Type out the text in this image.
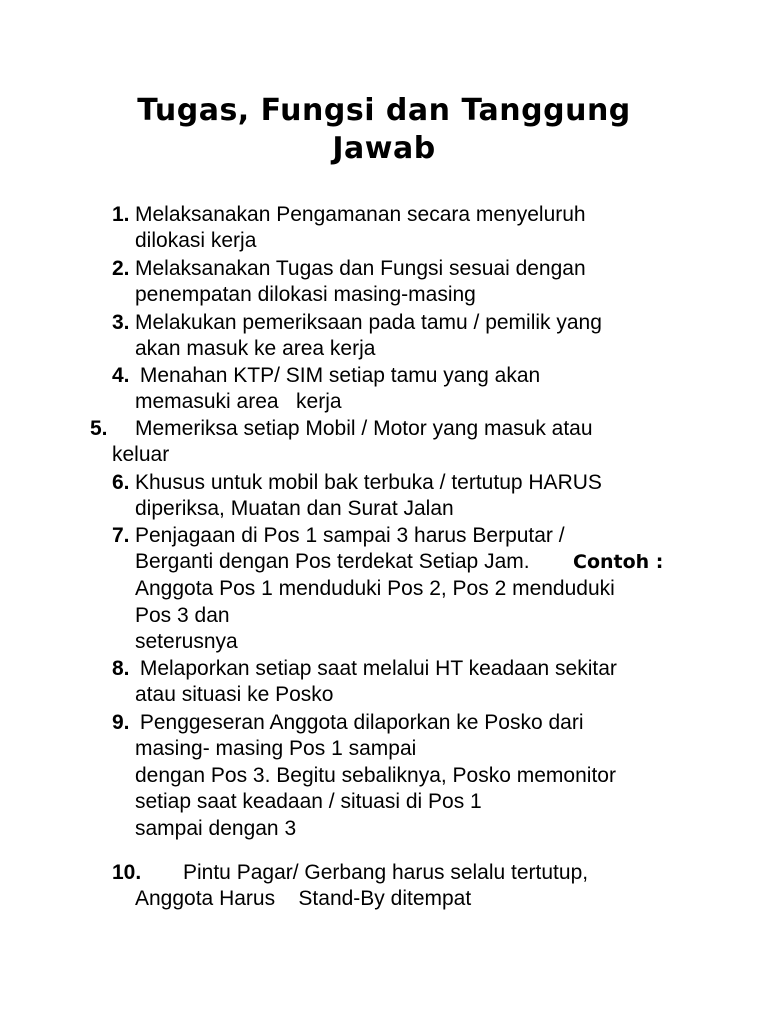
Tugas, Fungsi dan Tanggung
Jawab
1. Melaksanakan Pengamanan secara menyeluruh
dilokasi kerja
2. Melaksanakan Tugas dan Fungsi sesuai dengan
penempatan dilokasi masing-masing
3. Melakukan pemeriksaan pada tamu / pemilik yang
akan masuk ke area kerja
4. Menahan KTP/ SIM setiap tamu yang akan
memasuki area   kerja
5. Memeriksa setiap Mobil / Motor yang masuk atau
keluar
6. Khusus untuk mobil bak terbuka / tertutup HARUS
diperiksa, Muatan dan Surat Jalan
7. Penjagaan di Pos 1 sampai 3 harus Berputar /
Berganti dengan Pos terdekat Setiap Jam. Contoh :
Anggota Pos 1 menduduki Pos 2, Pos 2 menduduki
Pos 3 dan
seterusnya
8. Melaporkan setiap saat melalui HT keadaan sekitar
atau situasi ke Posko
9. Penggeseran Anggota dilaporkan ke Posko dari
masing- masing Pos 1 sampai
dengan Pos 3. Begitu sebaliknya, Posko memonitor
setiap saat keadaan / situasi di Pos 1
sampai dengan 3
10. Pintu Pagar/ Gerbang harus selalu tertutup,
Anggota Harus    Stand-By ditempat
